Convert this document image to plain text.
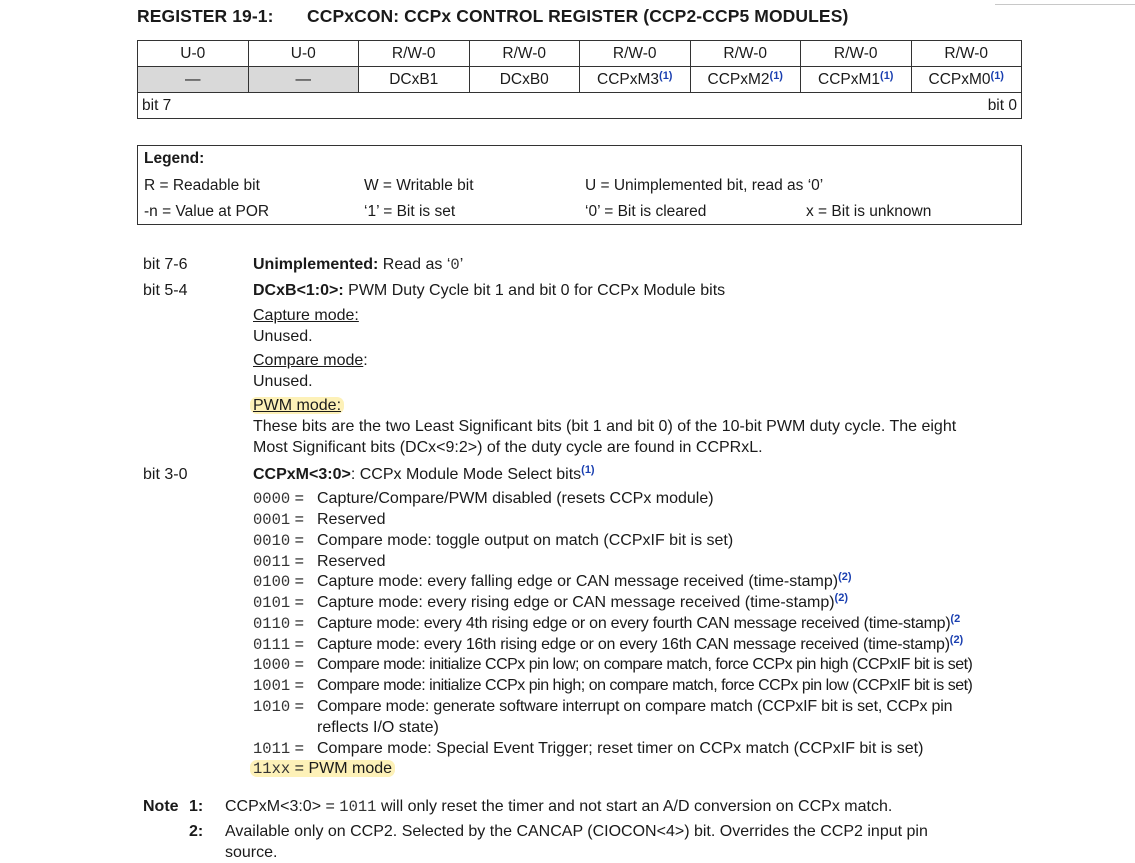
REGISTER 19-1: CCPxCON: CCPx CONTROL REGISTER (CCP2-CCP5 MODULES)
U-0	U-0	R/W-0	R/W-0	R/W-0	R/W-0	R/W-0	R/W-0
—	—	DCxB1	DCxB0	CCPxM3$^{(1)}$	CCPxM2$^{(1)}$	CCPxM1$^{(1)}$	CCPxM0$^{(1)}$
bit 7 bit 0							
Legend:
R = Readable bit	W = Writable bit	U = Unimplemented bit, read as ‘0’
-n = Value at POR	‘1’ = Bit is set	‘0’ = Bit is cleared	x = Bit is unknown
bit 7-6	Unimplemented: Read as ‘0’
bit 5-4	DCxB<1:0>: PWM Duty Cycle bit 1 and bit 0 for CCPx Module bits
Capture mode:
Unused.
Compare mode:
Unused.
PWM mode:
These bits are the two Least Significant bits (bit 1 and bit 0) of the 10-bit PWM duty cycle. The eight
Most Significant bits (DCx<9:2>) of the duty cycle are found in CCPRxL.
bit 3-0	CCPxM<3:0>: CCPx Module Mode Select bits$^{(1)}$
0000 =Capture/Compare/PWM disabled (resets CCPx module)
0001 =Reserved
0010 =Compare mode: toggle output on match (CCPxIF bit is set)
0011 =Reserved
0100 =Capture mode: every falling edge or CAN message received (time-stamp)$^{(2)}$
0101 =Capture mode: every rising edge or CAN message received (time-stamp)$^{(2)}$
0110 =Capture mode: every 4th rising edge or on every fourth CAN message received (time-stamp)$^{(2}$
0111 =Capture mode: every 16th rising edge or on every 16th CAN message received (time-stamp)$^{(2)}$
1000 =Compare mode: initialize CCPx pin low; on compare match, force CCPx pin high (CCPxIF bit is set)
1001 =Compare mode: initialize CCPx pin high; on compare match, force CCPx pin low (CCPxIF bit is set)
1010 =Compare mode: generate software interrupt on compare match (CCPxIF bit is set, CCPx pin
reflects I/O state)
1011 =Compare mode: Special Event Trigger; reset timer on CCPx match (CCPxIF bit is set)
11xx = PWM mode
Note 1: CCPxM<3:0> = 1011 will only reset the timer and not start an A/D conversion on CCPx match.
2: Available only on CCP2. Selected by the CANCAP (CIOCON<4>) bit. Overrides the CCP2 input pin
source.
